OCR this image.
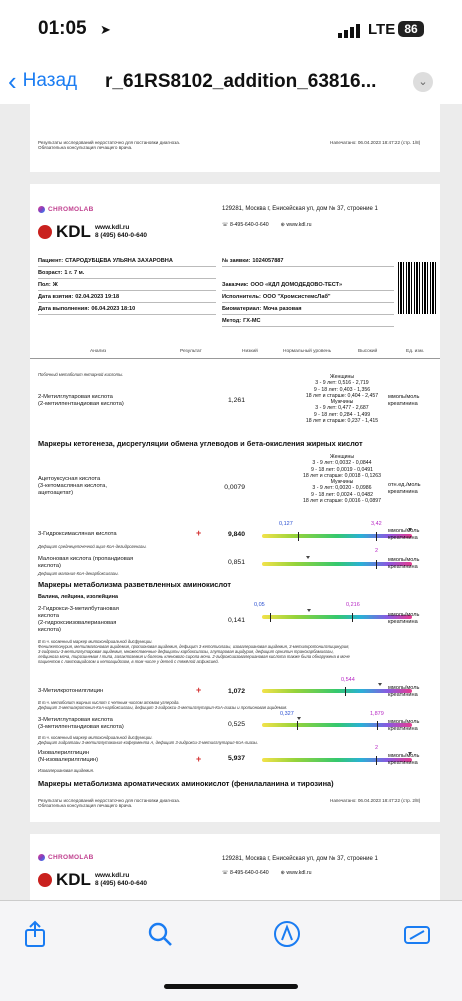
01:05 ➤	LTE 86
‹ Назад r_61RS8102_addition_63816...	⌄
Результаты исследований недостаточно для постановки диагноза.
Обязательна консультация лечащего врача.
Напечатано: 06.04.2023 18:47:22 (стр. 1/8)
CHROMOLAB
KDL www.kdl.ru
8 (495) 640-0-640
129281, Москва г, Енисейская ул, дом № 37, строение 1
☏ 8-495-640-0-640 ⊕ www.kdl.ru
Пациент: СТАРОДУБЦЕВА УЛЬЯНА ЗАХАРОВНА
Возраст: 1 г. 7 м.
Пол: Ж
Дата взятия: 02.04.2023 19:18
Дата выполнения: 06.04.2023 18:10
№ заявки: 1024057887
Заказчик: ООО «КДЛ ДОМОДЕДОВО-ТЕСТ»
Исполнитель: ООО "ХромсистемсЛаб"
Биоматериал: Моча разовая
Метод: ГХ-МС
Анализ	Результат	Низкий	Нормальный уровень	Высокий	Ед. изм.
Побочный метаболит янтарной кислоты.
2-Метилглутаровая кислота
(2-метилпентандиовая кислота)	1,261
Женщины
3 - 9 лет: 0,516 - 2,719
9 - 18 лет: 0,403 - 1,356
18 лет и старше: 0,404 - 2,457
Мужчины
3 - 9 лет: 0,477 - 2,687
9 - 18 лет: 0,284 - 1,499
18 лет и старше: 0,237 - 1,415
ммоль/моль
креатинина
Маркеры кетогенеза, дисрегуляции обмена углеводов и бета-окисления жирных кислот
Ацетоуксусная кислота
(3-кетомасляная кислота,
ацетоацетат)
0,0079
Женщины
3 - 9 лет: 0,0032 - 0,0844
9 - 18 лет: 0,0019 - 0,0491
18 лет и старше: 0,0018 - 0,1263
Мужчины
3 - 9 лет: 0,0020 - 0,0986
9 - 18 лет: 0,0024 - 0,0482
18 лет и старше: 0,0016 - 0,0897
отн.ед./моль
креатинина
3-Гидроксимасляная кислота	+	9,840
0,127	3,42
ммоль/моль
креатинина
Дефицит среднецепочечной ацил-КоА-дегидрогеназы.
Малоновая кислота (пропандиовая
кислота)	0,851
2
ммоль/моль
креатинина
Дефицит малонил-КоА-декарбоксилазы.
Маркеры метаболизма разветвленных аминокислот
Валина, лейцина, изолейцина
2-Гидрокси-3-метилбутановая
кислота
(2-гидроксиизовалериановая
кислота)
0,141
0,05	0,216
ммоль/моль
креатинина
В т.ч. косвенный маркер митохондриальной дисфункции.
Фенилкетонурия, метилмалоновая ацидемия, пропионовая ацидемия, дефицит 3-кетотиолазы, изовалериановая ацидемия, 3-метилкротонилглицинурия,
3-гидрокси-3-метилглутаровая ацидемия, множественные дефициты карбоксилазы, глутаровая ацидурия, дефицит орнитин транскарбамилазы,
лейциноза моча, тирозинемия I типа, галактоземия и болезнь кленового сиропа мочи. 2-гидроксиизовалериановая кислота также была обнаружена в моче
пациентов с лактоацидозом и кетоацидозом, в том числе у детей с тяжёлой асфиксией.
3-Метилкротонилглицин	+	1,072
0,544
ммоль/моль
креатинина
В т.ч. метаболит жирных кислот с четным числом атомов углерода.
Дефицит 3-метилкротонил-КоА-карбоксилазы, дефицит 3-гидрокси-3-метилглутарил-КоА-лиазы и пропионовая ацидемия.
3-Метилглутаровая кислота
(3-метилпентандиовая кислота)	0,525
0,327	1,879
ммоль/моль
креатинина
В т.ч. косвенный маркер митохондриальной дисфункции.
Дефицит гидратазы 3-метилглутаконил-кофермента А, дефицит 3-гидрокси-3-метилглутарил-КоА-лиазы.
Изовалерилглицин
(N-изовалерилглицин)	+	5,937
2
ммоль/моль
креатинина
Изовалериановая ацидемия.
Маркеры метаболизма ароматических аминокислот (фенилаланина и тирозина)
Результаты исследований недостаточно для постановки диагноза.
Обязательна консультация лечащего врача.
Напечатано: 06.04.2023 18:47:22 (стр. 2/8)
CHROMOLAB
KDL www.kdl.ru
8 (495) 640-0-640
129281, Москва г, Енисейская ул, дом № 37, строение 1
☏ 8-495-640-0-640 ⊕ www.kdl.ru
